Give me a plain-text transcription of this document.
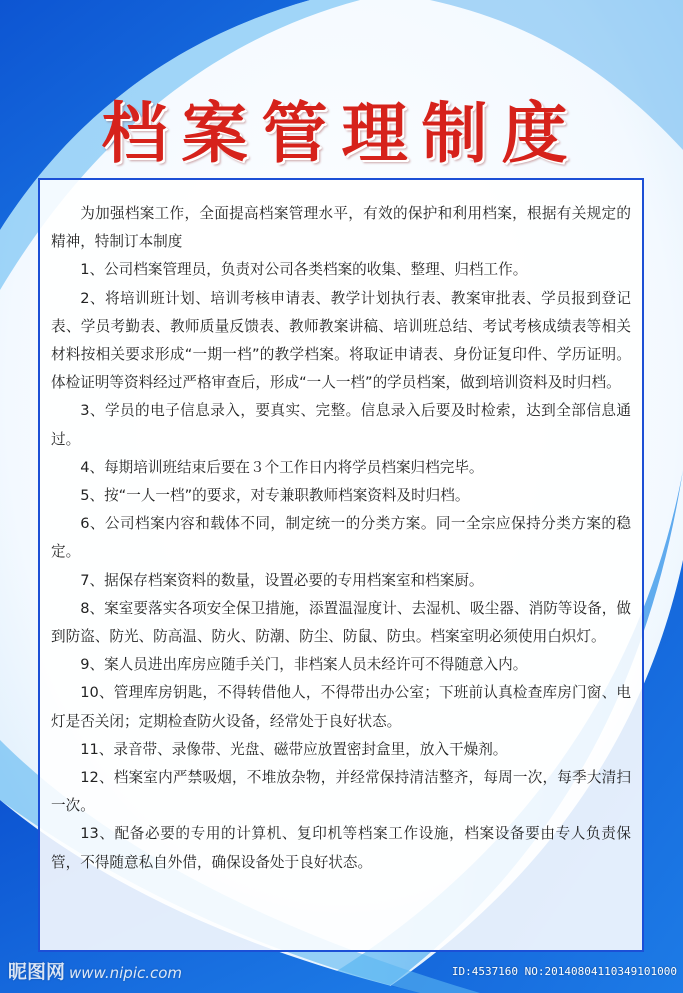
档案管理制度

为加强档案工作，全面提高档案管理水平，有效的保护和利用档案，根据有关规定的精神，特制订本制度

1、公司档案管理员，负责对公司各类档案的收集、整理、归档工作。

2、将培训班计划、培训考核申请表、教学计划执行表、教案审批表、学员报到登记表、学员考勤表、教师质量反馈表、教师教案讲稿、培训班总结、考试考核成绩表等相关材料按相关要求形成“一期一档”的教学档案。将取证申请表、身份证复印件、学历证明。体检证明等资料经过严格审查后，形成“一人一档”的学员档案，做到培训资料及时归档。

3、学员的电子信息录入，要真实、完整。信息录入后要及时检索，达到全部信息通过。

4、每期培训班结束后要在３个工作日内将学员档案归档完毕。

5、按“一人一档”的要求，对专兼职教师档案资料及时归档。

6、公司档案内容和载体不同，制定统一的分类方案。同一全宗应保持分类方案的稳定。

7、据保存档案资料的数量，设置必要的专用档案室和档案厨。

8、案室要落实各项安全保卫措施，添置温湿度计、去湿机、吸尘器、消防等设备，做到防盗、防光、防高温、防火、防潮、防尘、防鼠、防虫。档案室明必须使用白炽灯。

9、案人员进出库房应随手关门，非档案人员未经许可不得随意入内。

10、管理库房钥匙，不得转借他人，不得带出办公室；下班前认真检查库房门窗、电灯是否关闭；定期检查防火设备，经常处于良好状态。

11、录音带、录像带、光盘、磁带应放置密封盒里，放入干燥剂。

12、档案室内严禁吸烟，不堆放杂物，并经常保持清洁整齐，每周一次，每季大清扫一次。

13、配备必要的专用的计算机、复印机等档案工作设施，档案设备要由专人负责保管，不得随意私自外借，确保设备处于良好状态。

昵图网 www.nipic.com	ID:4537160 NO:20140804110349101000
